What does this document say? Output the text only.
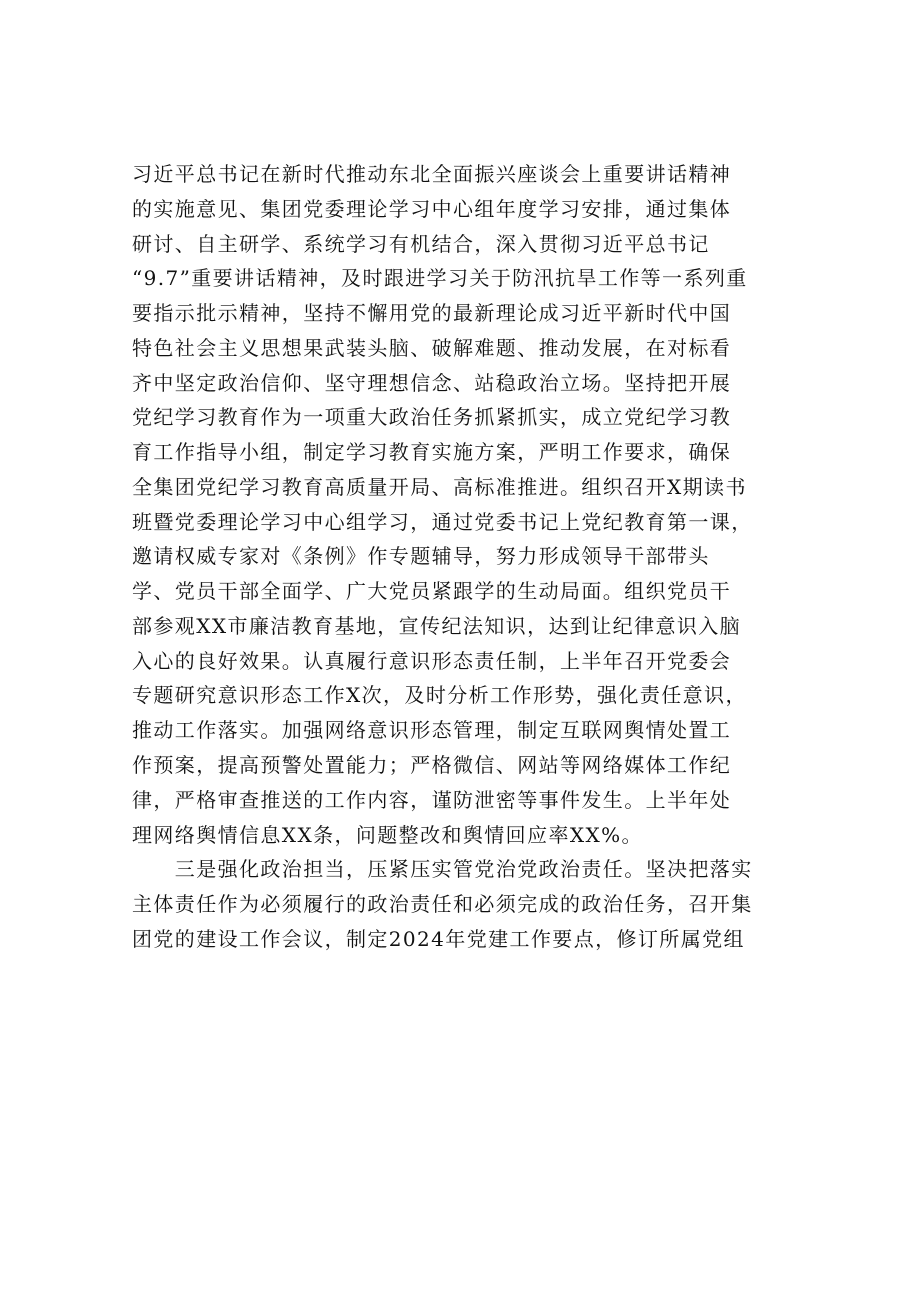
习近平总书记在新时代推动东北全面振兴座谈会上重要讲话精神
的实施意见、集团党委理论学习中心组年度学习安排，通过集体
研讨、自主研学、系统学习有机结合，深入贯彻习近平总书记
“9.7”重要讲话精神，及时跟进学习关于防汛抗旱工作等一系列重
要指示批示精神，坚持不懈用党的最新理论成习近平新时代中国
特色社会主义思想果武装头脑、破解难题、推动发展，在对标看
齐中坚定政治信仰、坚守理想信念、站稳政治立场。坚持把开展
党纪学习教育作为一项重大政治任务抓紧抓实，成立党纪学习教
育工作指导小组，制定学习教育实施方案，严明工作要求，确保
全集团党纪学习教育高质量开局、高标准推进。组织召开X期读书
班暨党委理论学习中心组学习，通过党委书记上党纪教育第一课，
邀请权威专家对《条例》作专题辅导，努力形成领导干部带头
学、党员干部全面学、广大党员紧跟学的生动局面。组织党员干
部参观XX市廉洁教育基地，宣传纪法知识，达到让纪律意识入脑
入心的良好效果。认真履行意识形态责任制，上半年召开党委会
专题研究意识形态工作X次，及时分析工作形势，强化责任意识，
推动工作落实。加强网络意识形态管理，制定互联网舆情处置工
作预案，提高预警处置能力；严格微信、网站等网络媒体工作纪
律，严格审查推送的工作内容，谨防泄密等事件发生。上半年处
理网络舆情信息XX条，问题整改和舆情回应率XX%。
　　三是强化政治担当，压紧压实管党治党政治责任。坚决把落实
主体责任作为必须履行的政治责任和必须完成的政治任务，召开集
团党的建设工作会议，制定2024年党建工作要点，修订所属党组
